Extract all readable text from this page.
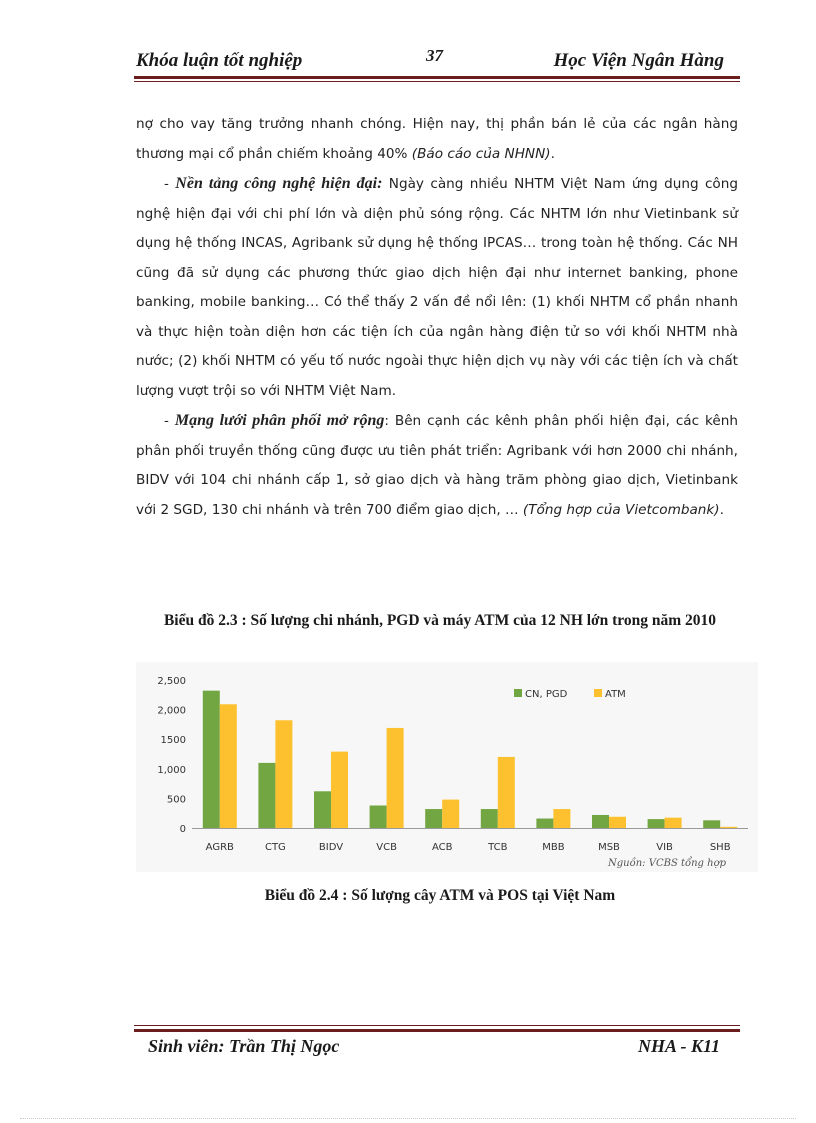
Khóa luận tốt nghiệp	37	Học Viện Ngân Hàng

nợ cho vay tăng trưởng nhanh chóng. Hiện nay, thị phần bán lẻ của các ngân hàng thương mại cổ phần chiếm khoảng 40% (Báo cáo của NHNN).

- Nền tảng công nghệ hiện đại: Ngày càng nhiều NHTM Việt Nam ứng dụng công nghệ hiện đại với chi phí lớn và diện phủ sóng rộng. Các NHTM lớn như Vietinbank sử dụng hệ thống INCAS, Agribank sử dụng hệ thống IPCAS… trong toàn hệ thống. Các NH cũng đã sử dụng các phương thức giao dịch hiện đại như internet banking, phone banking, mobile banking… Có thể thấy 2 vấn đề nổi lên: (1) khối NHTM cổ phần nhanh và thực hiện toàn diện hơn các tiện ích của ngân hàng điện tử so với khối NHTM nhà nước; (2) khối NHTM có yếu tố nước ngoài thực hiện dịch vụ này với các tiện ích và chất lượng vượt trội so với NHTM Việt Nam.

- Mạng lưới phân phối mở rộng: Bên cạnh các kênh phân phối hiện đại, các kênh phân phối truyền thống cũng được ưu tiên phát triển: Agribank với hơn 2000 chi nhánh, BIDV với 104 chi nhánh cấp 1, sở giao dịch và hàng trăm phòng giao dịch, Vietinbank với 2 SGD, 130 chi nhánh và trên 700 điểm giao dịch, … (Tổng hợp của Vietcombank).

Biểu đồ 2.3 : Số lượng chi nhánh, PGD và máy ATM của 12 NH lớn trong năm 2010
0
500
1,000
1500
2,000
2,500
AGRB	CTG	BIDV	VCB	ACB	TCB	MBB	MSB	VIB	SHB
CN, PGD	ATM
Nguồn: VCBS tổng hợp
Biểu đồ 2.4 : Số lượng cây ATM và POS tại Việt Nam
Sinh viên: Trần Thị Ngọc	NHA - K11
